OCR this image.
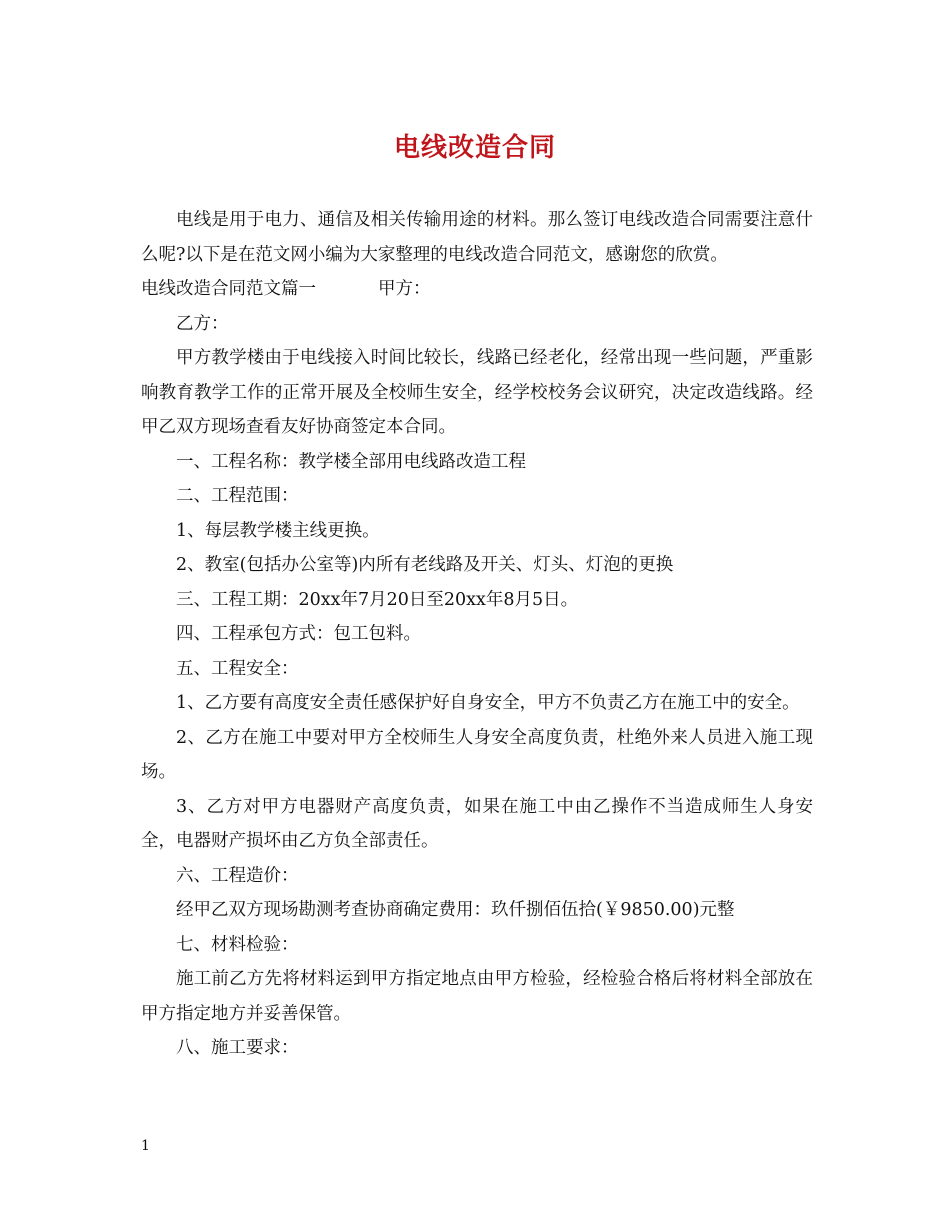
电线改造合同

电线是用于电力、通信及相关传输用途的材料。那么签订电线改造合同需要注意什么呢?以下是在范文网小编为大家整理的电线改造合同范文，感谢您的欣赏。

电线改造合同范文篇一	甲方：

乙方：

甲方教学楼由于电线接入时间比较长，线路已经老化，经常出现一些问题，严重影响教育教学工作的正常开展及全校师生安全，经学校校务会议研究，决定改造线路。经甲乙双方现场查看友好协商签定本合同。

一、工程名称：教学楼全部用电线路改造工程

二、工程范围：

1、每层教学楼主线更换。

2、教室(包括办公室等)内所有老线路及开关、灯头、灯泡的更换

三、工程工期：20xx年7月20日至20xx年8月5日。

四、工程承包方式：包工包料。

五、工程安全：

1、乙方要有高度安全责任感保护好自身安全，甲方不负责乙方在施工中的安全。

2、乙方在施工中要对甲方全校师生人身安全高度负责，杜绝外来人员进入施工现场。

3、乙方对甲方电器财产高度负责，如果在施工中由乙操作不当造成师生人身安全，电器财产损坏由乙方负全部责任。

六、工程造价：

经甲乙双方现场勘测考查协商确定费用：玖仟捌佰伍拾(￥9850.00)元整

七、材料检验：

施工前乙方先将材料运到甲方指定地点由甲方检验，经检验合格后将材料全部放在甲方指定地方并妥善保管。

八、施工要求：

1
